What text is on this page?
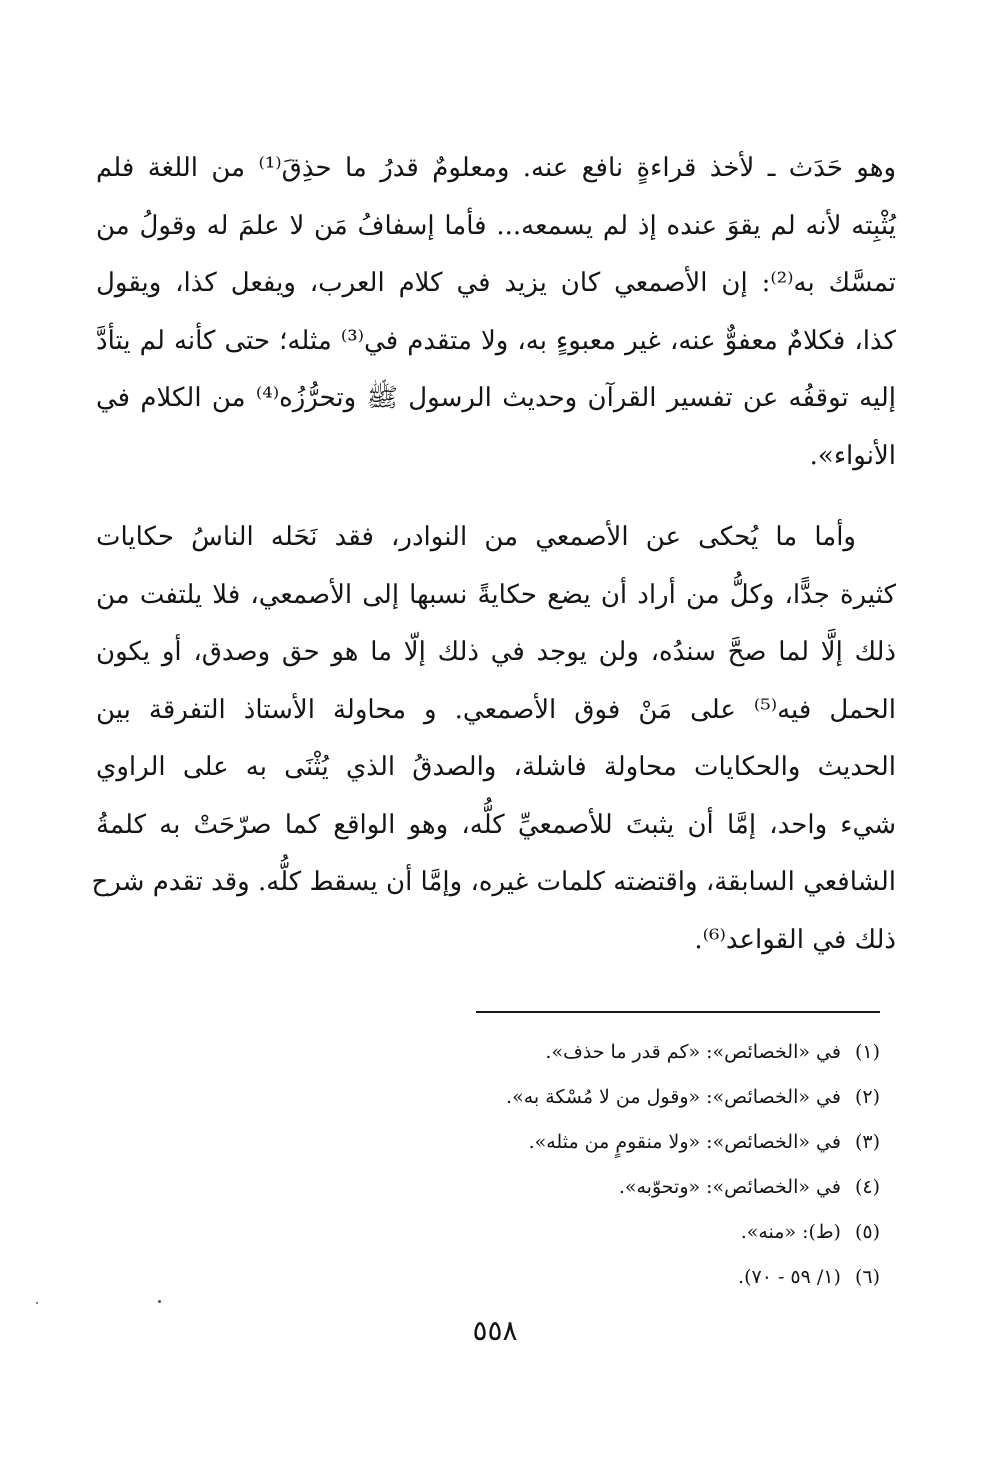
وهو حَدَث ـ لأخذ قراءةٍ نافع عنه. ومعلومٌ قدرُ ما حذِقَ⁽¹⁾ من اللغة فلم
يُثْبِته لأنه لم يقوَ عنده إذ لم يسمعه... فأما إسفافُ مَن لا علمَ له وقولُ من
تمسَّك به⁽²⁾: إن الأصمعي كان يزيد في كلام العرب، ويفعل كذا، ويقول
كذا، فكلامٌ معفوٌّ عنه، غير معبوءٍ به، ولا متقدم في⁽³⁾ مثله؛ حتى كأنه لم يتأدَّ
إليه توقفُه عن تفسير القرآن وحديث الرسول ﷺ وتحرُّزُه⁽⁴⁾ من الكلام في
الأنواء».

وأما ما يُحكى عن الأصمعي من النوادر، فقد نَحَله الناسُ حكايات
كثيرة جدًّا، وكلُّ من أراد أن يضع حكايةً نسبها إلى الأصمعي، فلا يلتفت من
ذلك إلَّا لما صحَّ سندُه، ولن يوجد في ذلك إلّا ما هو حق وصدق، أو يكون
الحمل فيه⁽⁵⁾ على مَنْ فوق الأصمعي. و محاولة الأستاذ التفرقة بين
الحديث والحكايات محاولة فاشلة، والصدقُ الذي يُثْنَى به على الراوي
شيء واحد، إمَّا أن يثبتَ للأصمعيِّ كلُّه، وهو الواقع كما صرّحَتْ به كلمةُ
الشافعي السابقة، واقتضته كلمات غيره، وإمَّا أن يسقط كلُّه. وقد تقدم شرح
ذلك في القواعد⁽⁶⁾.

(١)في «الخصائص»: «كم قدر ما حذف».
(٢)في «الخصائص»: «وقول من لا مُسْكة به».
(٣)في «الخصائص»: «ولا منقومٍ من مثله».
(٤)في «الخصائص»: «وتحوّبه».
(٥)(ط): «منه».
(٦)(١/ ٥٩ - ٧٠).
٥٥٨
